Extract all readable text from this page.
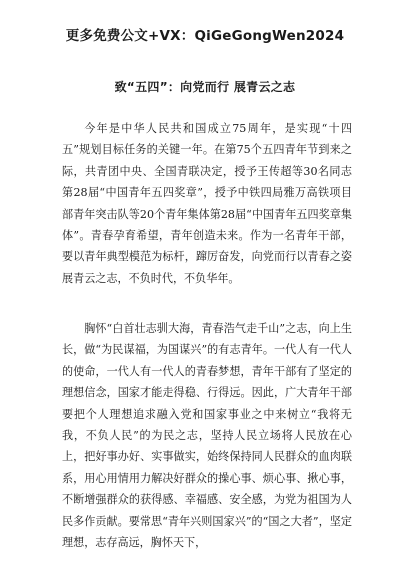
更多免费公文+VX：QiGeGongWen2024
致“五四”：向党而行 展青云之志

今年是中华人民共和国成立75周年，是实现“十四五”规划目标任务的关键一年。在第75个五四青年节到来之际，共青团中央、全国青联决定，授予王传超等30名同志第28届“中国青年五四奖章”，授予中铁四局雅万高铁项目部青年突击队等20个青年集体第28届“中国青年五四奖章集体”。青春孕育希望，青年创造未来。作为一名青年干部，要以青年典型模范为标杆，蹿厉奋发，向党而行以青春之姿展青云之志，不负时代，不负华年。

胸怀“白首壮志驯大海，青春浩气走千山”之志，向上生长，做“为民谋福，为国谋兴”的有志青年。一代人有一代人的使命，一代人有一代人的青春梦想，青年干部有了坚定的理想信念，国家才能走得稳、行得远。因此，广大青年干部要把个人理想追求融入党和国家事业之中来树立“我将无我，不负人民”的为民之志，坚持人民立场将人民放在心上，把好事办好、实事做实，始终保持同人民群众的血肉联系，用心用情用力解决好群众的操心事、烦心事、揪心事，不断增强群众的获得感、幸福感、安全感，为党为祖国为人民多作贡献。要常思“青年兴则国家兴”的“国之大者”，坚定理想，志存高远，胸怀天下，
